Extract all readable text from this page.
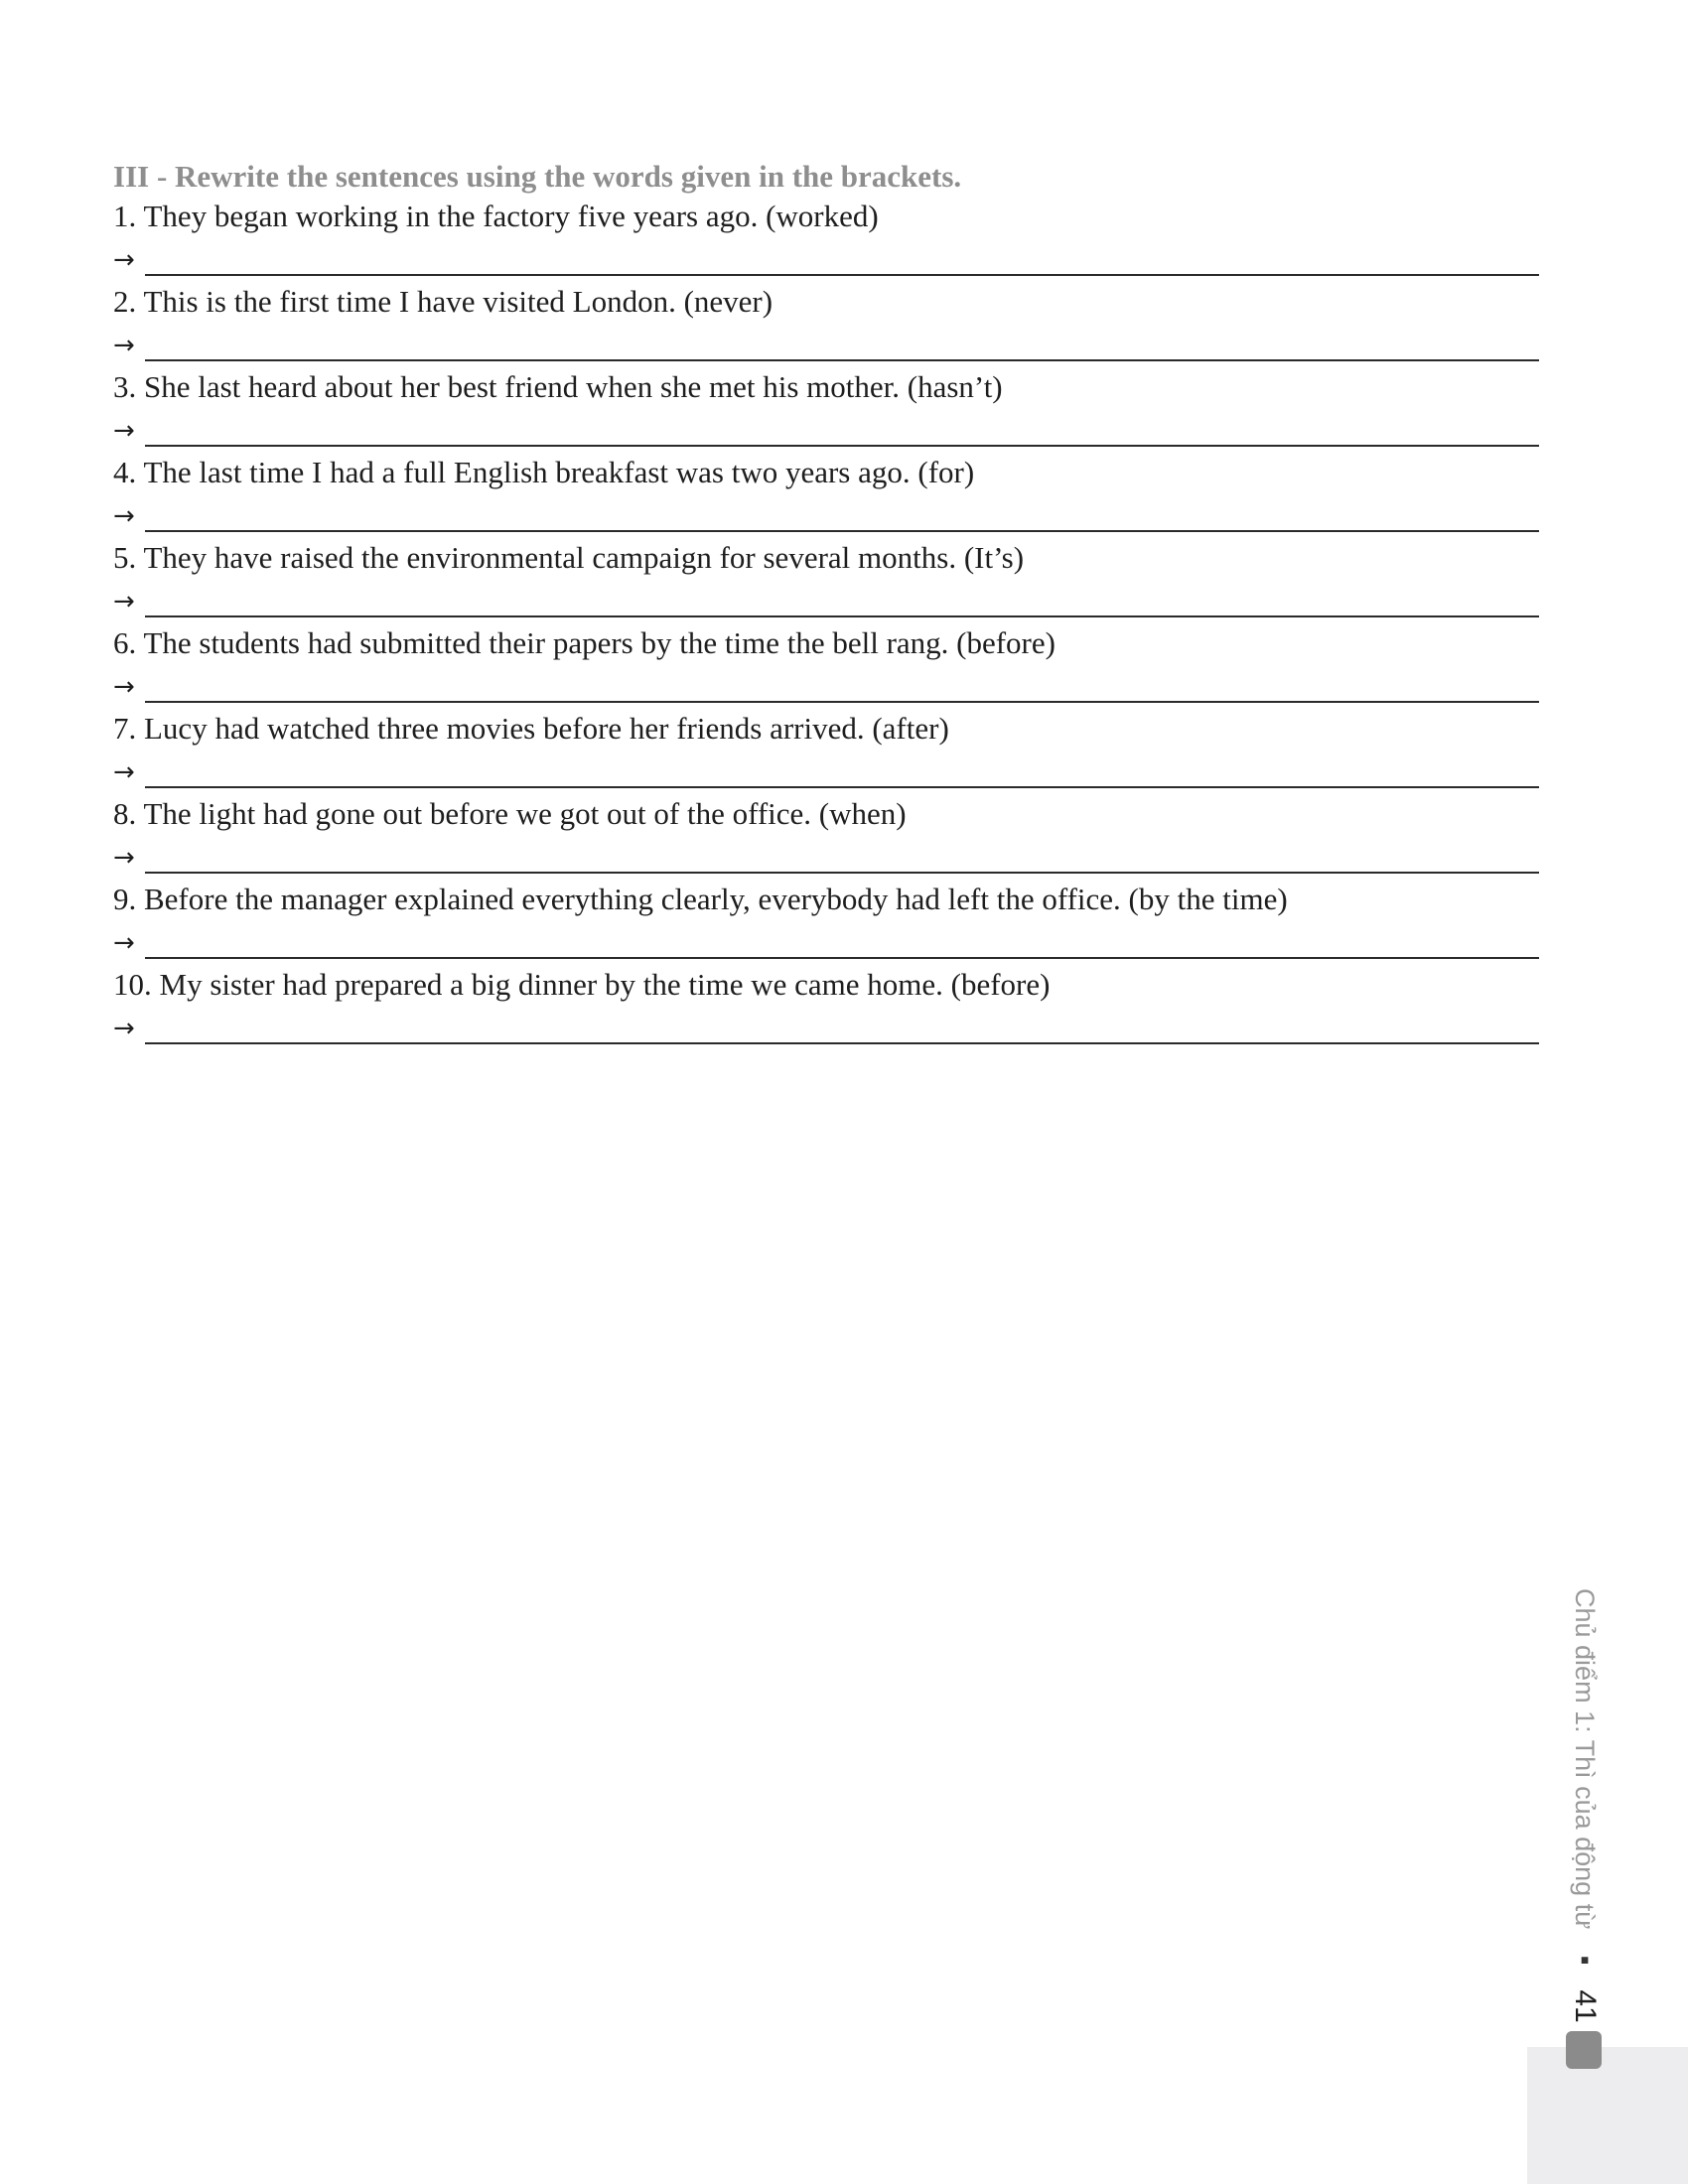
III - Rewrite the sentences using the words given in the brackets.
1. They began working in the factory five years ago. (worked)
→
2. This is the first time I have visited London. (never)
→
3. She last heard about her best friend when she met his mother. (hasn’t)
→
4. The last time I had a full English breakfast was two years ago. (for)
→
5. They have raised the environmental campaign for several months. (It’s)
→
6. The students had submitted their papers by the time the bell rang. (before)
→
7. Lucy had watched three movies before her friends arrived. (after)
→
8. The light had gone out before we got out of the office. (when)
→
9. Before the manager explained everything clearly, everybody had left the office. (by the time)
→
10. My sister had prepared a big dinner by the time we came home. (before)
→
Chủ điểm 1: Thì của động từ ▪ 41
